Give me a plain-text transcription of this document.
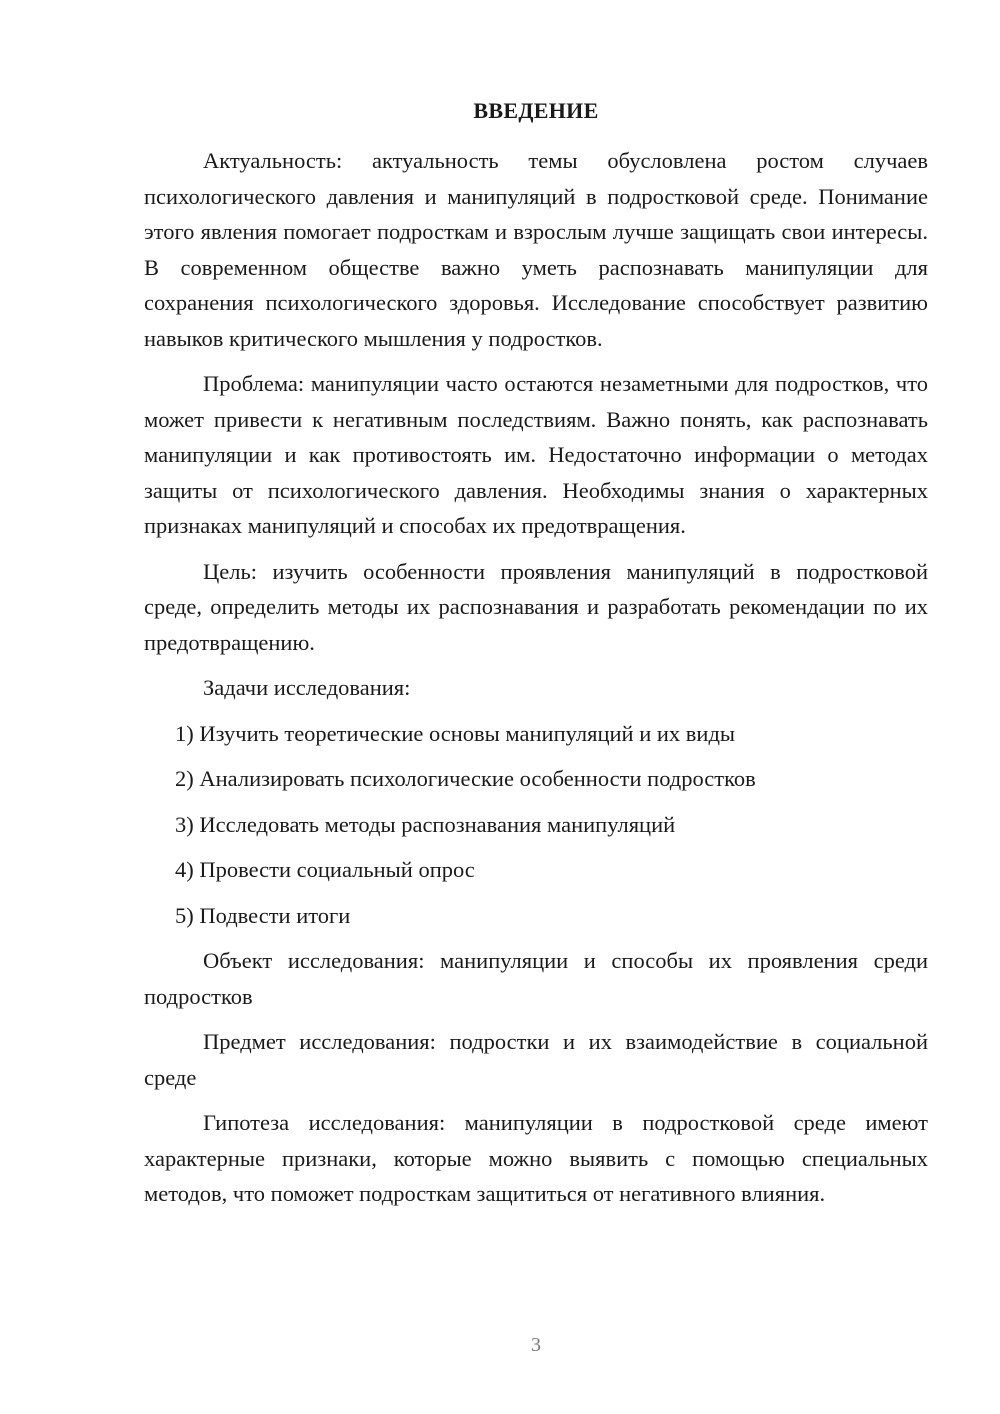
ВВЕДЕНИЕ

Актуальность: актуальность темы обусловлена ростом случаев психологического давления и манипуляций в подростковой среде. Понимание этого явления помогает подросткам и взрослым лучше защищать свои интересы. В современном обществе важно уметь распознавать манипуляции для сохранения психологического здоровья. Исследование способствует развитию навыков критического мышления у подростков.

Проблема: манипуляции часто остаются незаметными для подростков, что может привести к негативным последствиям. Важно понять, как распознавать манипуляции и как противостоять им. Недостаточно информации о методах защиты от психологического давления. Необходимы знания о характерных признаках манипуляций и способах их предотвращения.

Цель: изучить особенности проявления манипуляций в подростковой среде, определить методы их распознавания и разработать рекомендации по их предотвращению.

Задачи исследования:

1) Изучить теоретические основы манипуляций и их виды

2) Анализировать психологические особенности подростков

3) Исследовать методы распознавания манипуляций

4) Провести социальный опрос

5) Подвести итоги

Объект исследования: манипуляции и способы их проявления среди подростков

Предмет исследования: подростки и их взаимодействие в социальной среде

Гипотеза исследования: манипуляции в подростковой среде имеют характерные признаки, которые можно выявить с помощью специальных методов, что поможет подросткам защититься от негативного влияния.

3
